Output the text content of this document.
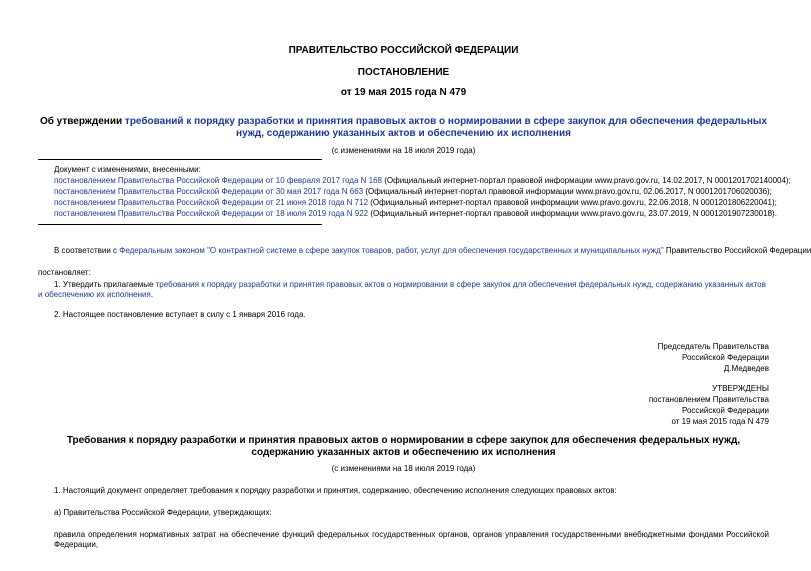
ПРАВИТЕЛЬСТВО РОССИЙСКОЙ ФЕДЕРАЦИИ
ПОСТАНОВЛЕНИЕ
от 19 мая 2015 года N 479
Об утверждении требований к порядку разработки и принятия правовых актов о нормировании в сфере закупок для обеспечения федеральных нужд, содержанию указанных актов и обеспечению их исполнения
(с изменениями на 18 июля 2019 года)
Документ с изменениями, внесенными:
постановлением Правительства Российской Федерации от 10 февраля 2017 года N 168 (Официальный интернет-портал правовой информации www.pravo.gov.ru, 14.02.2017, N 0001201702140004);
постановлением Правительства Российской Федерации от 30 мая 2017 года N 663 (Официальный интернет-портал правовой информации www.pravo.gov.ru, 02.06.2017, N 0001201706020036);
постановлением Правительства Российской Федерации от 21 июня 2018 года N 712 (Официальный интернет-портал правовой информации www.pravo.gov.ru, 22.06.2018, N 0001201806220041);
постановлением Правительства Российской Федерации от 18 июля 2019 года N 922 (Официальный интернет-портал правовой информации www.pravo.gov.ru, 23.07.2019, N 0001201907230018).
В соответствии с Федеральным законом "О контрактной системе в сфере закупок товаров, работ, услуг для обеспечения государственных и муниципальных нужд" Правительство Российской Федерации
постановляет:
1. Утвердить прилагаемые требования к порядку разработки и принятия правовых актов о нормировании в сфере закупок для обеспечения федеральных нужд, содержанию указанных актов и обеспечению их исполнения.
2. Настоящее постановление вступает в силу с 1 января 2016 года.
Председатель Правительства
Российской Федерации
Д.Медведев
УТВЕРЖДЕНЫ
постановлением Правительства
Российской Федерации
от 19 мая 2015 года N 479
Требования к порядку разработки и принятия правовых актов о нормировании в сфере закупок для обеспечения федеральных нужд, содержанию указанных актов и обеспечению их исполнения
(с изменениями на 18 июля 2019 года)
1. Настоящий документ определяет требования к порядку разработки и принятия, содержанию, обеспечению исполнения следующих правовых актов:
а) Правительства Российской Федерации, утверждающих:
правила определения нормативных затрат на обеспечение функций федеральных государственных органов, органов управления государственными внебюджетными фондами Российской Федерации,
